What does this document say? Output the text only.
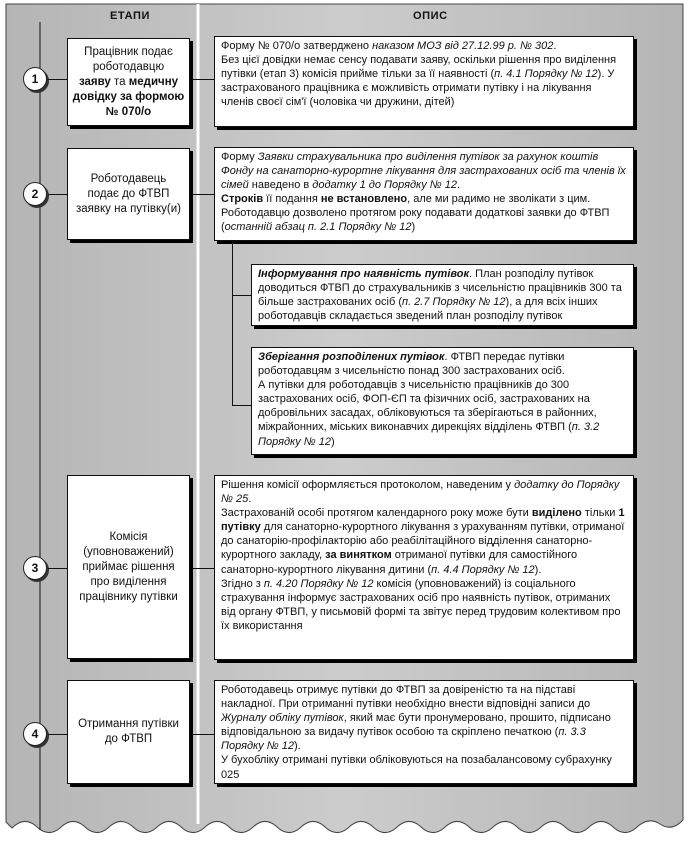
ЕТАПИ	ОПИС
1

Працівник подає

роботодавцю

заяву та медичну

довідку за формою

№ 070/о

Форму № 070/о затверджено наказом МОЗ від 27.12.99 р. № 302.

Без цієї довідки немає сенсу подавати заяву, оскільки рішення про виділення путівки (етап 3) комісія прийме тільки за її наявності (п. 4.1 Порядку № 12). У застрахованого працівника є можливість отримати путівку і на лікування членів своєї сім'ї (чоловіка чи дружини, дітей)

2

Роботодавець

подає до ФТВП

заявку на путівку(и)

Форму Заявки страхувальника про виділення путівок за рахунок коштів Фонду на санаторно-курортне лікування для застрахованих осіб та членів їх сімей наведено в додатку 1 до Порядку № 12.

Строків її подання не встановлено, але ми радимо не зволікати з цим.

Роботодавцю дозволено протягом року подавати додаткові заявки до ФТВП (останній абзац п. 2.1 Порядку № 12)

Інформування про наявність путівок. План розподілу путівок доводиться ФТВП до страхувальників з чисельністю працівників 300 та більше застрахованих осіб (п. 2.7 Порядку № 12), а для всіх інших роботодавців складається зведений план розподілу путівок

Зберігання розподілених путівок. ФТВП передає путівки роботодавцям з чисельністю понад 300 застрахованих осіб.

А путівки для роботодавців з чисельністю працівників до 300 застрахованих осіб, ФОП-ЄП та фізичних осіб, застрахованих на добровільних засадах, обліковуються та зберігаються в районних, міжрайонних, міських виконавчих дирекціях відділень ФТВП (п. 3.2 Порядку № 12)

3

Комісія

(уповноважений)

приймає рішення

про виділення

працівнику путівки

Рішення комісії оформляється протоколом, наведеним у додатку до Порядку № 25.

Застрахованій особі протягом календарного року може бути виділено тільки 1 путівку для санаторно-курортного лікування з урахуванням путівки, отриманої до санаторію-профілакторію або реабілітаційного відділення санаторно-курортного закладу, за винятком отриманої путівки для самостійного санаторно-курортного лікування дитини (п. 4.4 Порядку № 12).

Згідно з п. 4.20 Порядку № 12 комісія (уповноважений) із соціального страхування інформує застрахованих осіб про наявність путівок, отриманих від органу ФТВП, у письмовій формі та звітує перед трудовим колективом про їх використання

4

Отримання путівки

до ФТВП

Роботодавець отримує путівки до ФТВП за довіреністю та на підставі накладної. При отриманні путівки необхідно внести відповідні записи до Журналу обліку путівок, який має бути пронумеровано, прошито, підписано відповідальною за видачу путівок особою та скріплено печаткою (п. 3.3 Порядку № 12).

У бухобліку отримані путівки обліковуються на позабалансовому субрахунку 025
